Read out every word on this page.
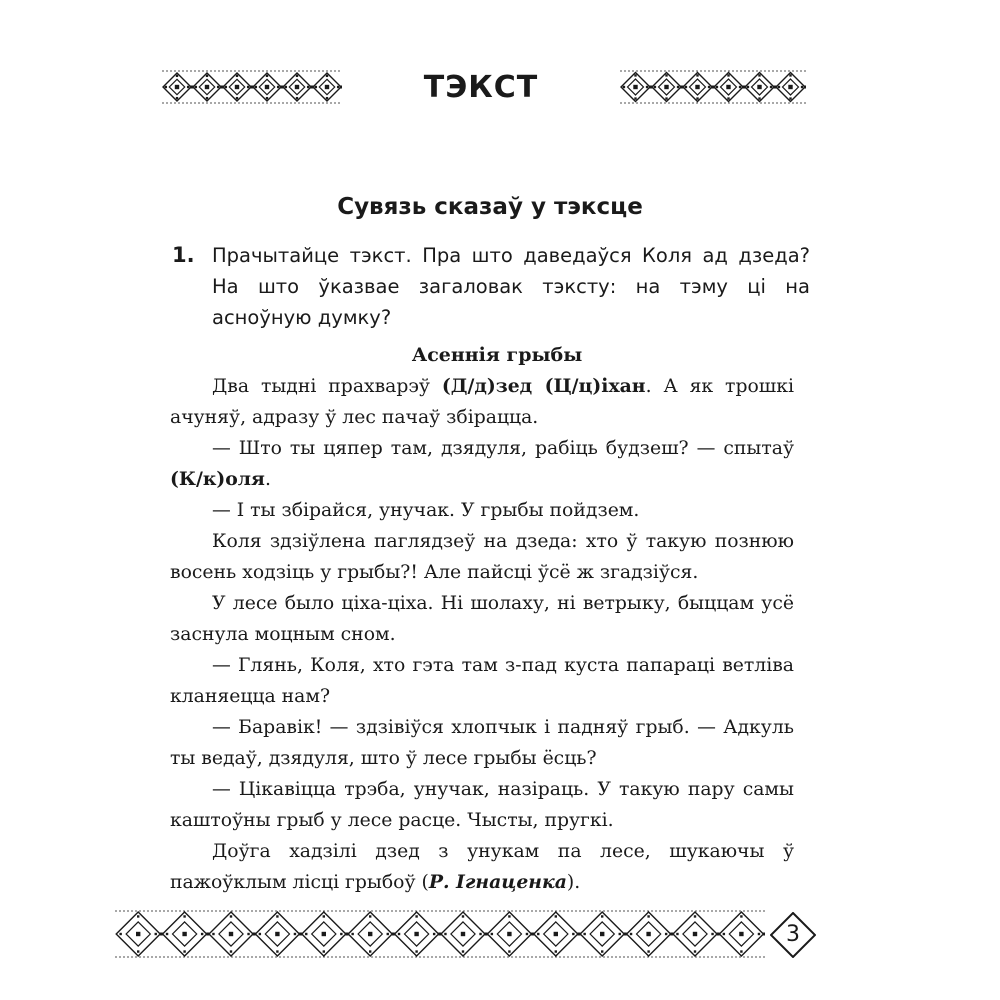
ТЭКСТ
Сувязь сказаў у тэксце
1. Прачытайце тэкст. Пра што даведаўся Коля ад дзеда? На што ўказвае загаловак тэксту: на тэму ці на асноўную думку?

Асеннія грыбы

Два тыдні прахварэў (Д/д)зед (Ц/ц)іхан. А як трошкі ачуняў, адразу ў лес пачаў збірацца.

— Што ты цяпер там, дзядуля, рабіць будзеш? — спытаў (К/к)оля.

— І ты збірайся, унучак. У грыбы пойдзем.

Коля здзіўлена паглядзеў на дзеда: хто ў такую познюю восень ходзіць у грыбы?! Але пайсці ўсё ж згадзіўся.

У лесе было ціха-ціха. Ні шолаху, ні ветрыку, быццам усё заснула моцным сном.

— Глянь, Коля, хто гэта там з-пад куста папараці ветліва кланяецца нам?

— Баравік! — здзівіўся хлопчык і падняў грыб. — Адкуль ты ведаў, дзядуля, што ў лесе грыбы ёсць?

— Цікавіцца трэба, унучак, назіраць. У такую пару самы каштоўны грыб у лесе расце. Чысты, пругкі.

Доўга хадзілі дзед з унукам па лесе, шукаючы ў пажоўклым лісці грыбоў (Р. Ігнаценка).

3
